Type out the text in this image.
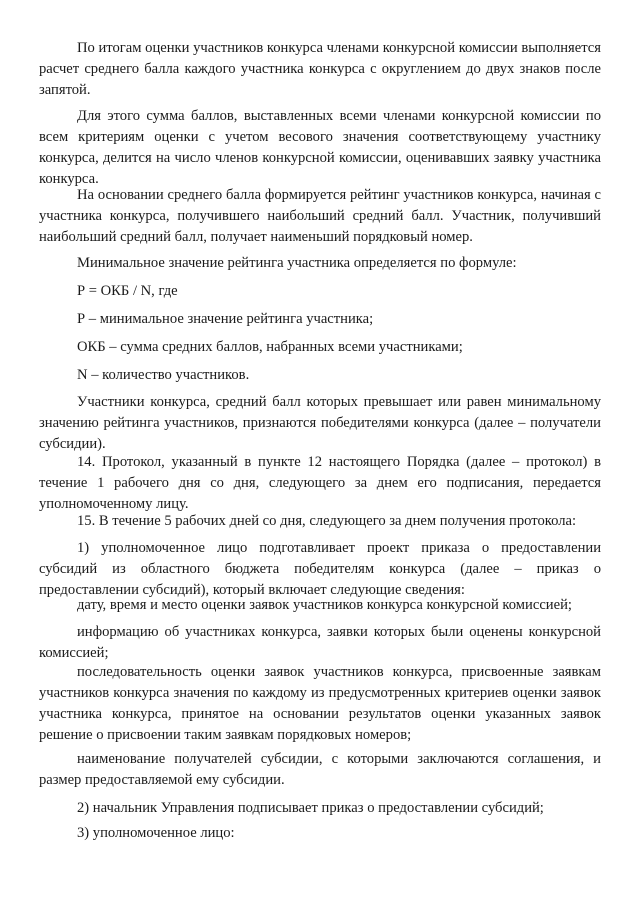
По итогам оценки участников конкурса членами конкурсной комиссии выполняется расчет среднего балла каждого участника конкурса с округлением до двух знаков после запятой.

Для этого сумма баллов, выставленных всеми членами конкурсной комиссии по всем критериям оценки с учетом весового значения соответствующему участнику конкурса, делится на число членов конкурсной комиссии, оценивавших заявку участника конкурса.

На основании среднего балла формируется рейтинг участников конкурса, начиная с участника конкурса, получившего наибольший средний балл. Участник, получивший наибольший средний балл, получает наименьший порядковый номер.

Минимальное значение рейтинга участника определяется по формуле:

Р = ОКБ / N, где

Р – минимальное значение рейтинга участника;

ОКБ – сумма средних баллов, набранных всеми участниками;

N – количество участников.

Участники конкурса, средний балл которых превышает или равен минимальному значению рейтинга участников, признаются победителями конкурса (далее – получатели субсидии).

14. Протокол, указанный в пункте 12 настоящего Порядка (далее – протокол) в течение 1 рабочего дня со дня, следующего за днем его подписания, передается уполномоченному лицу.

15. В течение 5 рабочих дней со дня, следующего за днем получения протокола:

1) уполномоченное лицо подготавливает проект приказа о предоставлении субсидий из областного бюджета победителям конкурса (далее – приказ о предоставлении субсидий), который включает следующие сведения:

дату, время и место оценки заявок участников конкурса конкурсной комиссией;

информацию об участниках конкурса, заявки которых были оценены конкурсной комиссией;

последовательность оценки заявок участников конкурса, присвоенные заявкам участников конкурса значения по каждому из предусмотренных критериев оценки заявок участника конкурса, принятое на основании результатов оценки указанных заявок решение о присвоении таким заявкам порядковых номеров;

наименование получателей субсидии, с которыми заключаются соглашения, и размер предоставляемой ему субсидии.

2) начальник Управления подписывает приказ о предоставлении субсидий;

3) уполномоченное лицо:
